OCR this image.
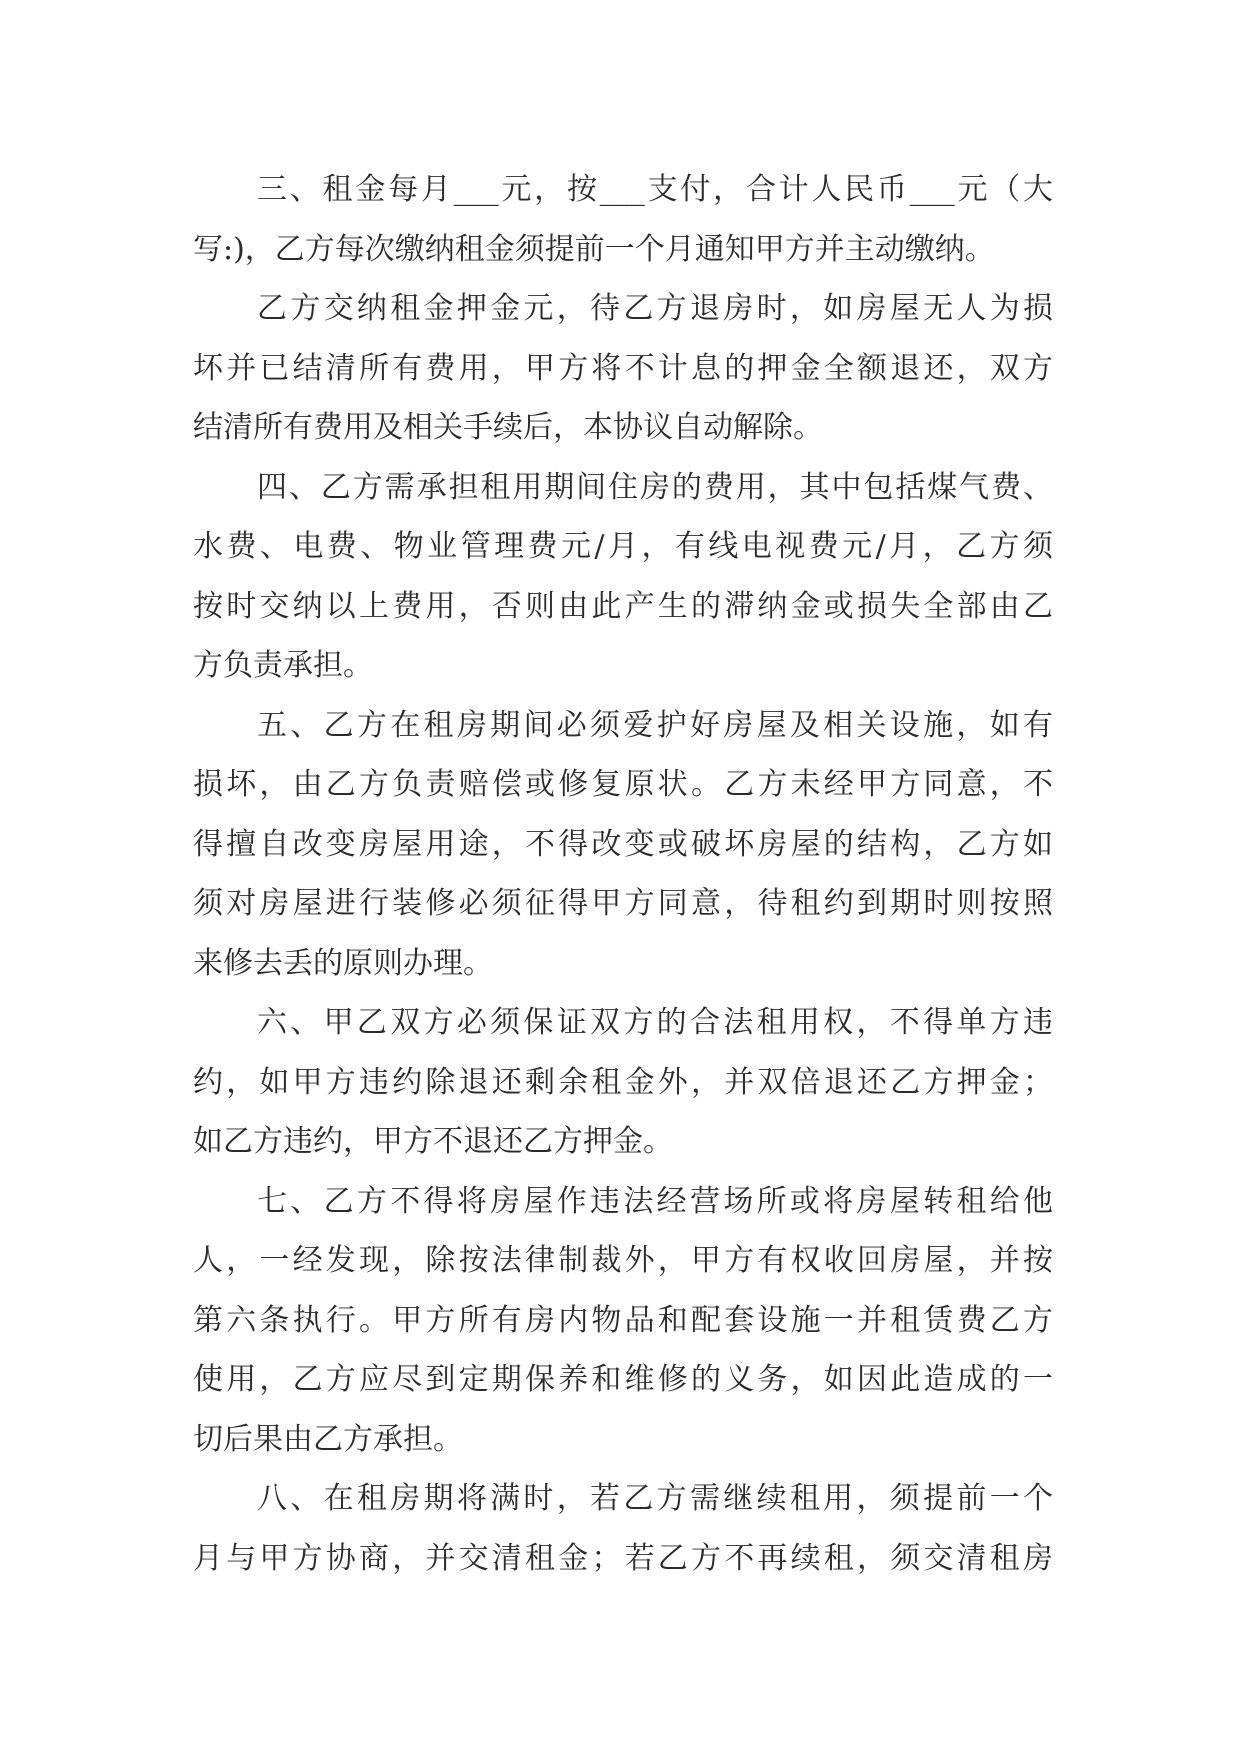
三、租金每月___元，按___支付，合计人民币___元（大
写:)，乙方每次缴纳租金须提前一个月通知甲方并主动缴纳。
乙方交纳租金押金元，待乙方退房时，如房屋无人为损
坏并已结清所有费用，甲方将不计息的押金全额退还，双方
结清所有费用及相关手续后，本协议自动解除。
四、乙方需承担租用期间住房的费用，其中包括煤气费、
水费、电费、物业管理费元/月，有线电视费元/月，乙方须
按时交纳以上费用，否则由此产生的滞纳金或损失全部由乙
方负责承担。
五、乙方在租房期间必须爱护好房屋及相关设施，如有
损坏，由乙方负责赔偿或修复原状。乙方未经甲方同意，不
得擅自改变房屋用途，不得改变或破坏房屋的结构，乙方如
须对房屋进行装修必须征得甲方同意，待租约到期时则按照
来修去丢的原则办理。
六、甲乙双方必须保证双方的合法租用权，不得单方违
约，如甲方违约除退还剩余租金外，并双倍退还乙方押金；
如乙方违约，甲方不退还乙方押金。
七、乙方不得将房屋作违法经营场所或将房屋转租给他
人，一经发现，除按法律制裁外，甲方有权收回房屋，并按
第六条执行。甲方所有房内物品和配套设施一并租赁费乙方
使用，乙方应尽到定期保养和维修的义务，如因此造成的一
切后果由乙方承担。
八、在租房期将满时，若乙方需继续租用，须提前一个
月与甲方协商，并交清租金；若乙方不再续租，须交清租房
